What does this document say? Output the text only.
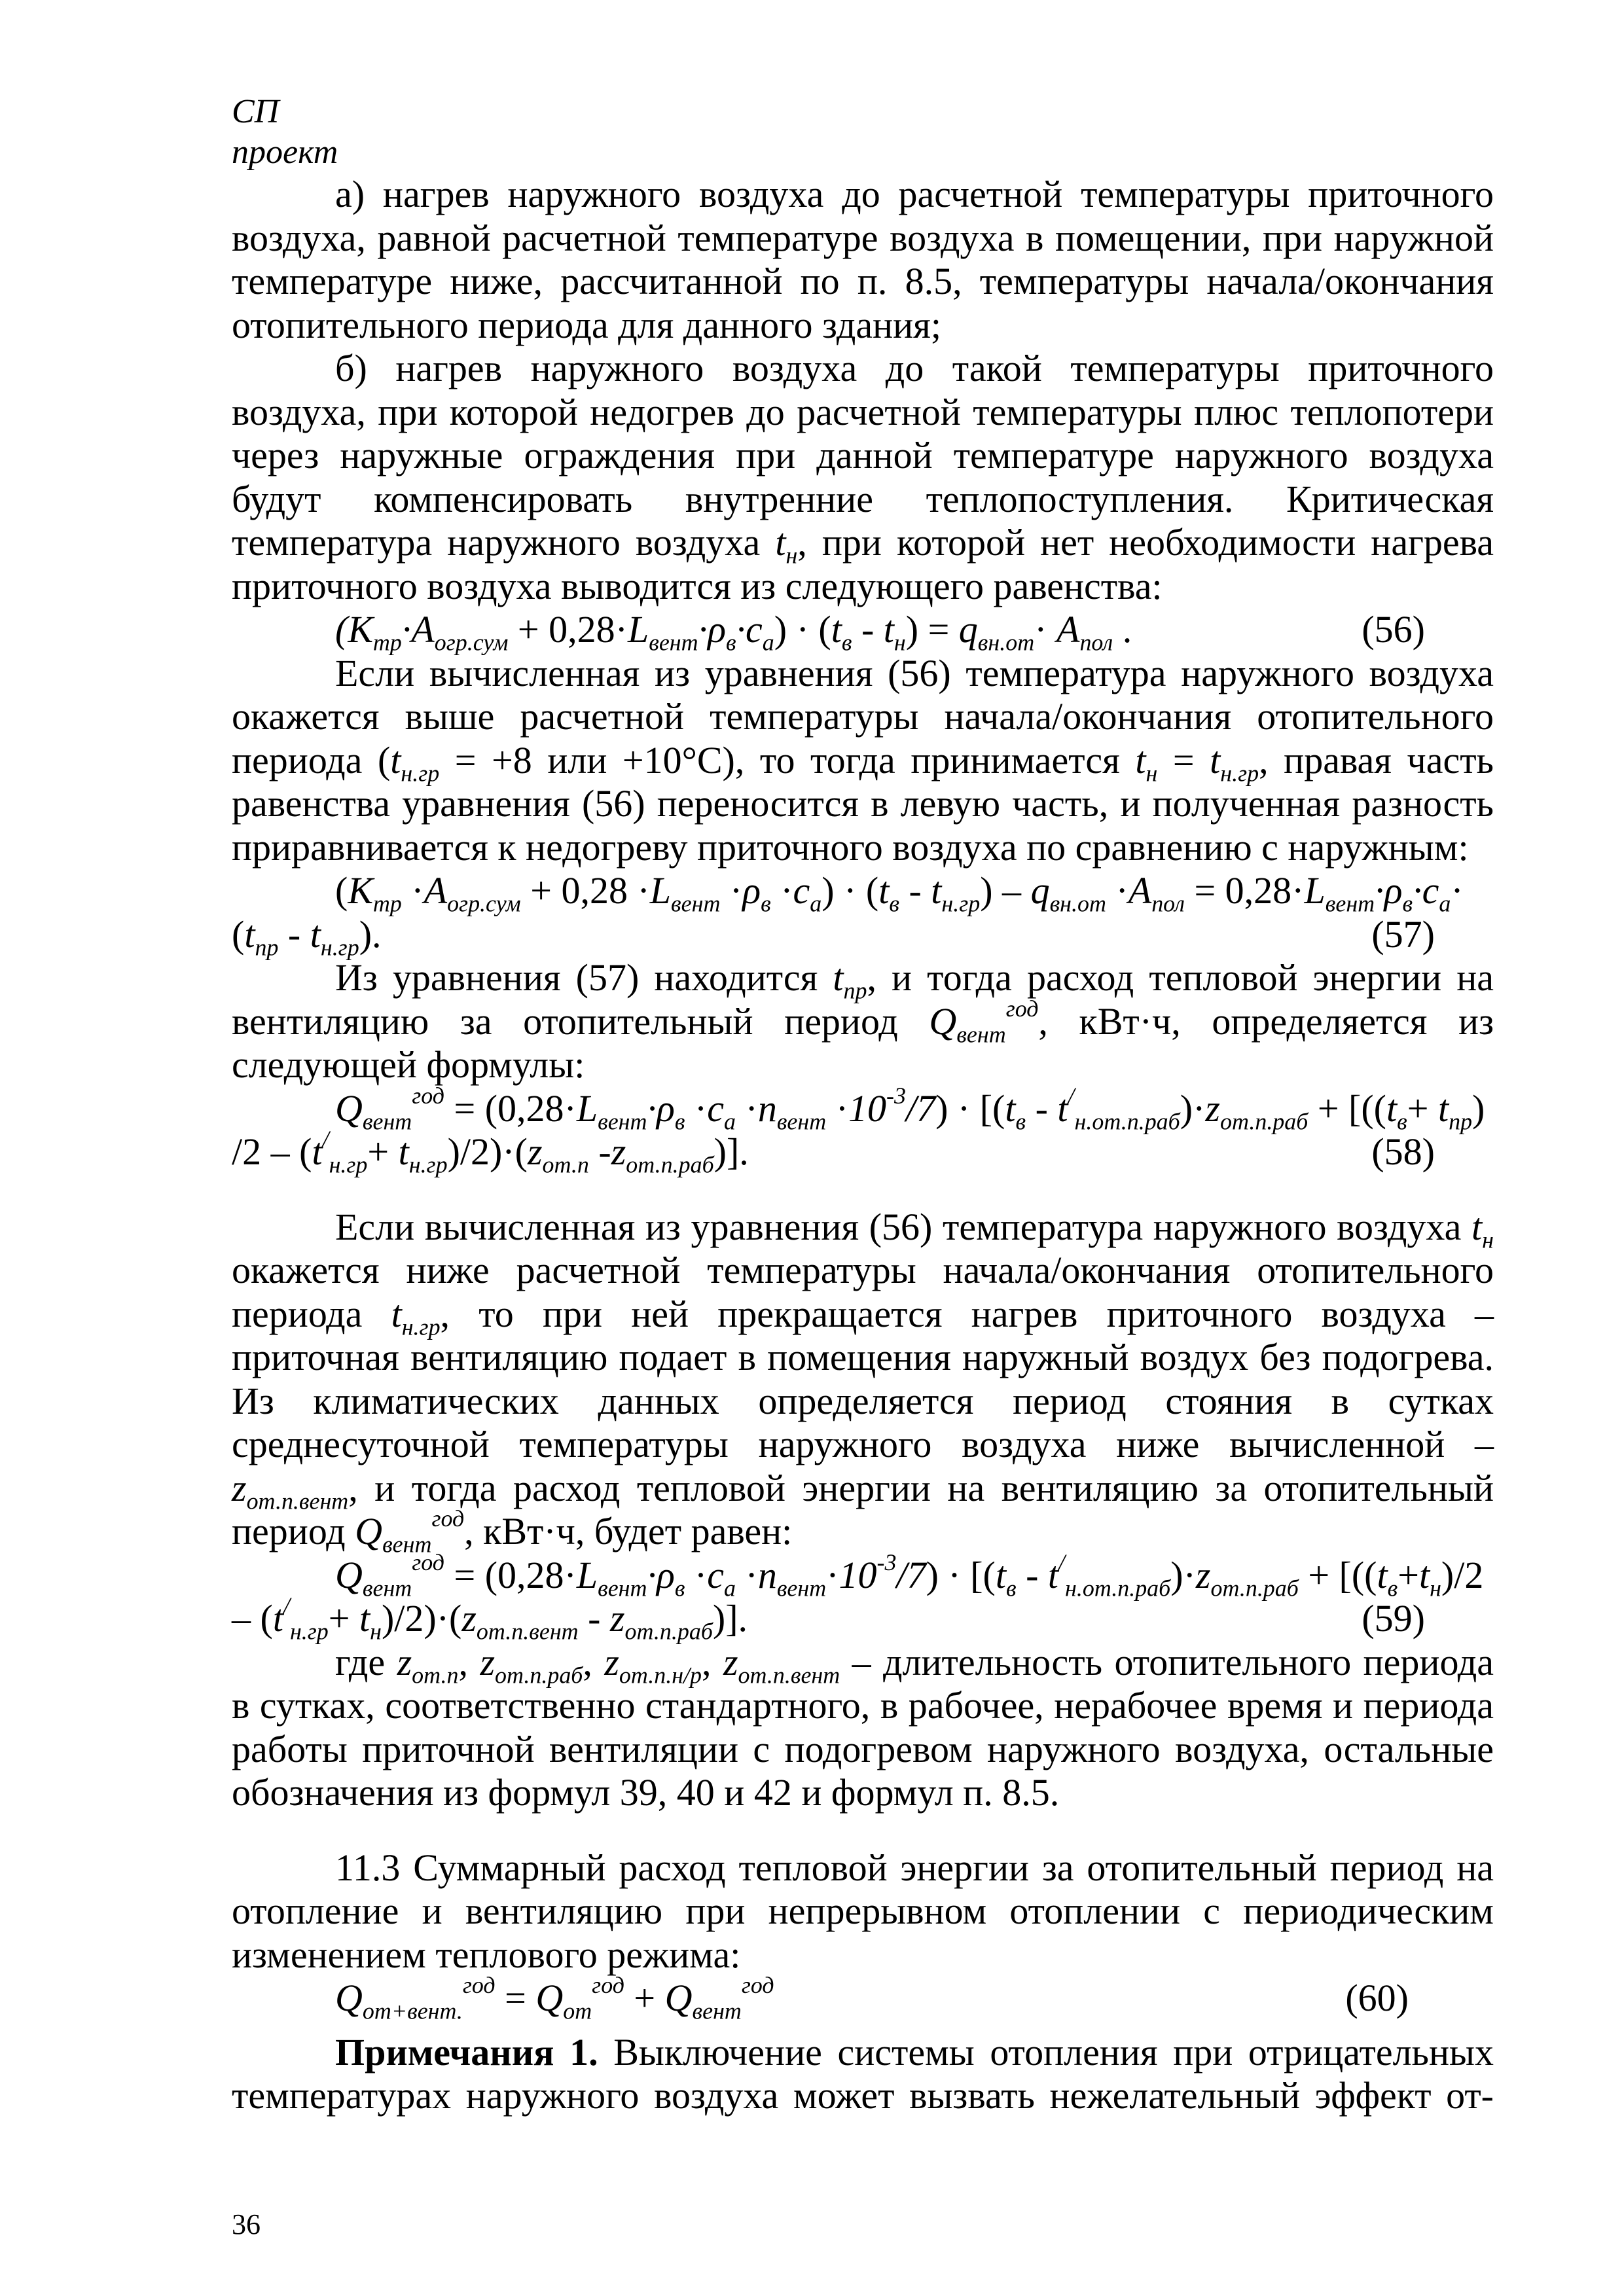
СП
проект
а) нагрев наружного воздуха до расчетной температуры приточного
воздуха, равной расчетной температуре воздуха в помещении, при наружной
температуре ниже, рассчитанной по п. 8.5, температуры начала/окончания
отопительного периода для данного здания;
б) нагрев наружного воздуха до такой температуры приточного
воздуха, при которой недогрев до расчетной температуры плюс теплопотери
через наружные ограждения при данной температуре наружного воздуха
будут компенсировать внутренние теплопоступления. Критическая
температура наружного воздуха $t_н$, при которой нет необходимости нагрева
приточного воздуха выводится из следующего равенства:
$(К_{тр}\cdot А_{огр.сум} + 0,28\cdot L_{вент}\cdot\rho_в\cdot с_а) \cdot (t_в - t_н) = q_{вн.от}\cdot А_{пол}$ .	(56)
Если вычисленная из уравнения (56) температура наружного воздуха
окажется выше расчетной температуры начала/окончания отопительного
периода ($t_{н.гр} = +8$ или +10°С), то тогда принимается $t_н = t_{н.гр}$, правая часть
равенства уравнения (56) переносится в левую часть, и полученная разность
приравнивается к недогреву приточного воздуха по сравнению с наружным:
$(К_{тр} \cdot А_{огр.сум} + 0,28 \cdot L_{вент} \cdot\rho_в \cdot с_а) \cdot (t_в - t_{н.гр}) - q_{вн.от} \cdot А_{пол} = 0,28\cdot L_{вент}\cdot\rho_в\cdot с_а\cdot$
$(t_{пр} - t_{н.гр})$.	(57)
Из уравнения (57) находится $t_{пр}$, и тогда расход тепловой энергии на
вентиляцию за отопительный период $Q_{вент}^{год}$, кВт·ч, определяется из
следующей формулы:
$Q_{вент}^{год} = (0,28\cdot L_{вент}\cdot\rho_в \cdot с_а \cdot n_{вент} \cdot 10^{-3}/7) \cdot [(t_в - t^/_{н.от.п.раб})\cdot z_{от.п.раб} + [((t_в+ t_{пр})$
$/2 - (t^/_{н.гр}+ t_{н.гр})/2)\cdot(z_{от.п}$ $-z_{от.п.раб}$)].	(58)
Если вычисленная из уравнения (56) температура наружного воздуха $t_н$
окажется ниже расчетной температуры начала/окончания отопительного
периода $t_{н.гр}$, то при ней прекращается нагрев приточного воздуха –
приточная вентиляцию подает в помещения наружный воздух без подогрева.
Из климатических данных определяется период стояния в сутках
среднесуточной температуры наружного воздуха ниже вычисленной –
$z_{от.п.вент}$, и тогда расход тепловой энергии на вентиляцию за отопительный
период $Q_{вент}^{год}$, кВт·ч, будет равен:
$Q_{вент}^{год} = (0,28\cdot L_{вент}\cdot\rho_в \cdot с_а \cdot n_{вент}\cdot 10^{-3}/7) \cdot [(t_в - t^/_{н.от.п.раб})\cdot z_{от.п.раб} + [((t_в+t_н)/2$
– $(t^/_{н.гр}+ t_н)/2)\cdot(z_{от.п.вент} - z_{от.п.раб})$].	(59)
где $z_{от.п}$, $z_{от.п.раб}$, $z_{от.п.н/р}$, $z_{от.п.вент}$ – длительность отопительного периода
в сутках, соответственно стандартного, в рабочее, нерабочее время и периода
работы приточной вентиляции с подогревом наружного воздуха, остальные
обозначения из формул 39, 40 и 42 и формул п. 8.5.
11.3 Суммарный расход тепловой энергии за отопительный период на
отопление и вентиляцию при непрерывном отоплении с периодическим
изменением теплового режима:
$Q_{от+вент.}^{год} = Q_{от}^{год} + Q_{вент}^{год}$	(60)
Примечания 1. Выключение системы отопления при отрицательных
температурах наружного воздуха может вызвать нежелательный эффект от-
36
